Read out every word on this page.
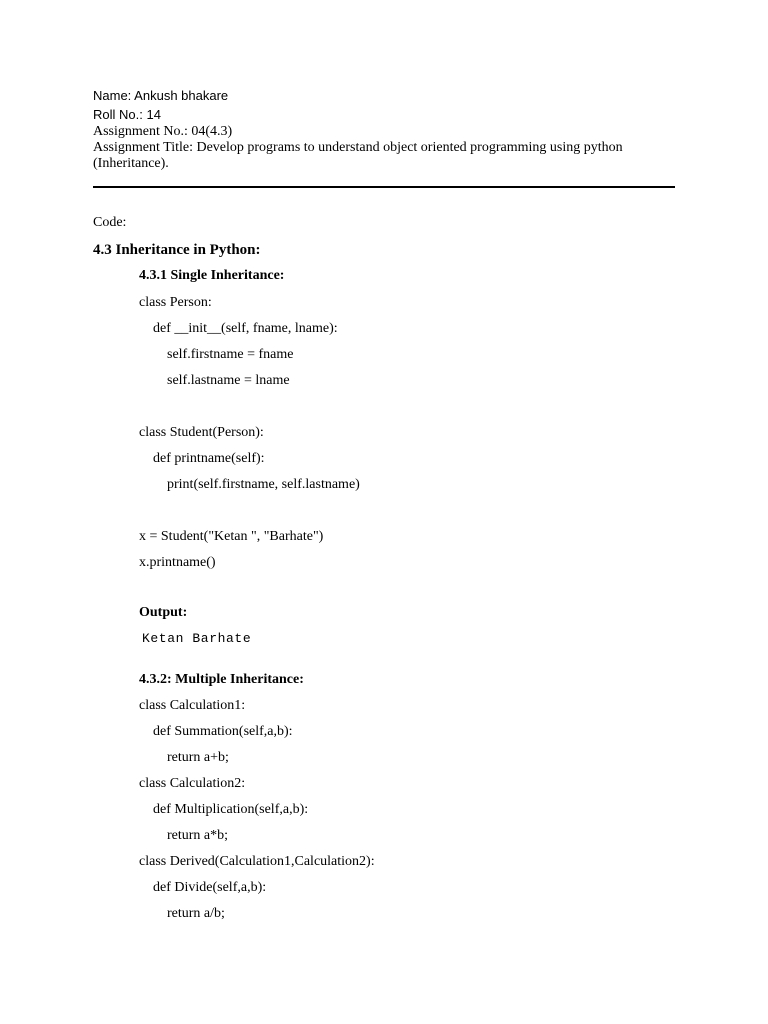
Name: Ankush bhakare
Roll No.: 14
Assignment No.: 04(4.3)
Assignment Title: Develop programs to understand object oriented programming using python (Inheritance).
Code:
4.3 Inheritance in Python:
4.3.1 Single Inheritance:
class Person:
def __init__(self, fname, lname):
self.firstname = fname
self.lastname = lname
class Student(Person):
def printname(self):
print(self.firstname, self.lastname)
x = Student("Ketan ", "Barhate")
x.printname()
Output:
Ketan Barhate
4.3.2: Multiple Inheritance:
class Calculation1:
def Summation(self,a,b):
return a+b;
class Calculation2:
def Multiplication(self,a,b):
return a*b;
class Derived(Calculation1,Calculation2):
def Divide(self,a,b):
return a/b;
